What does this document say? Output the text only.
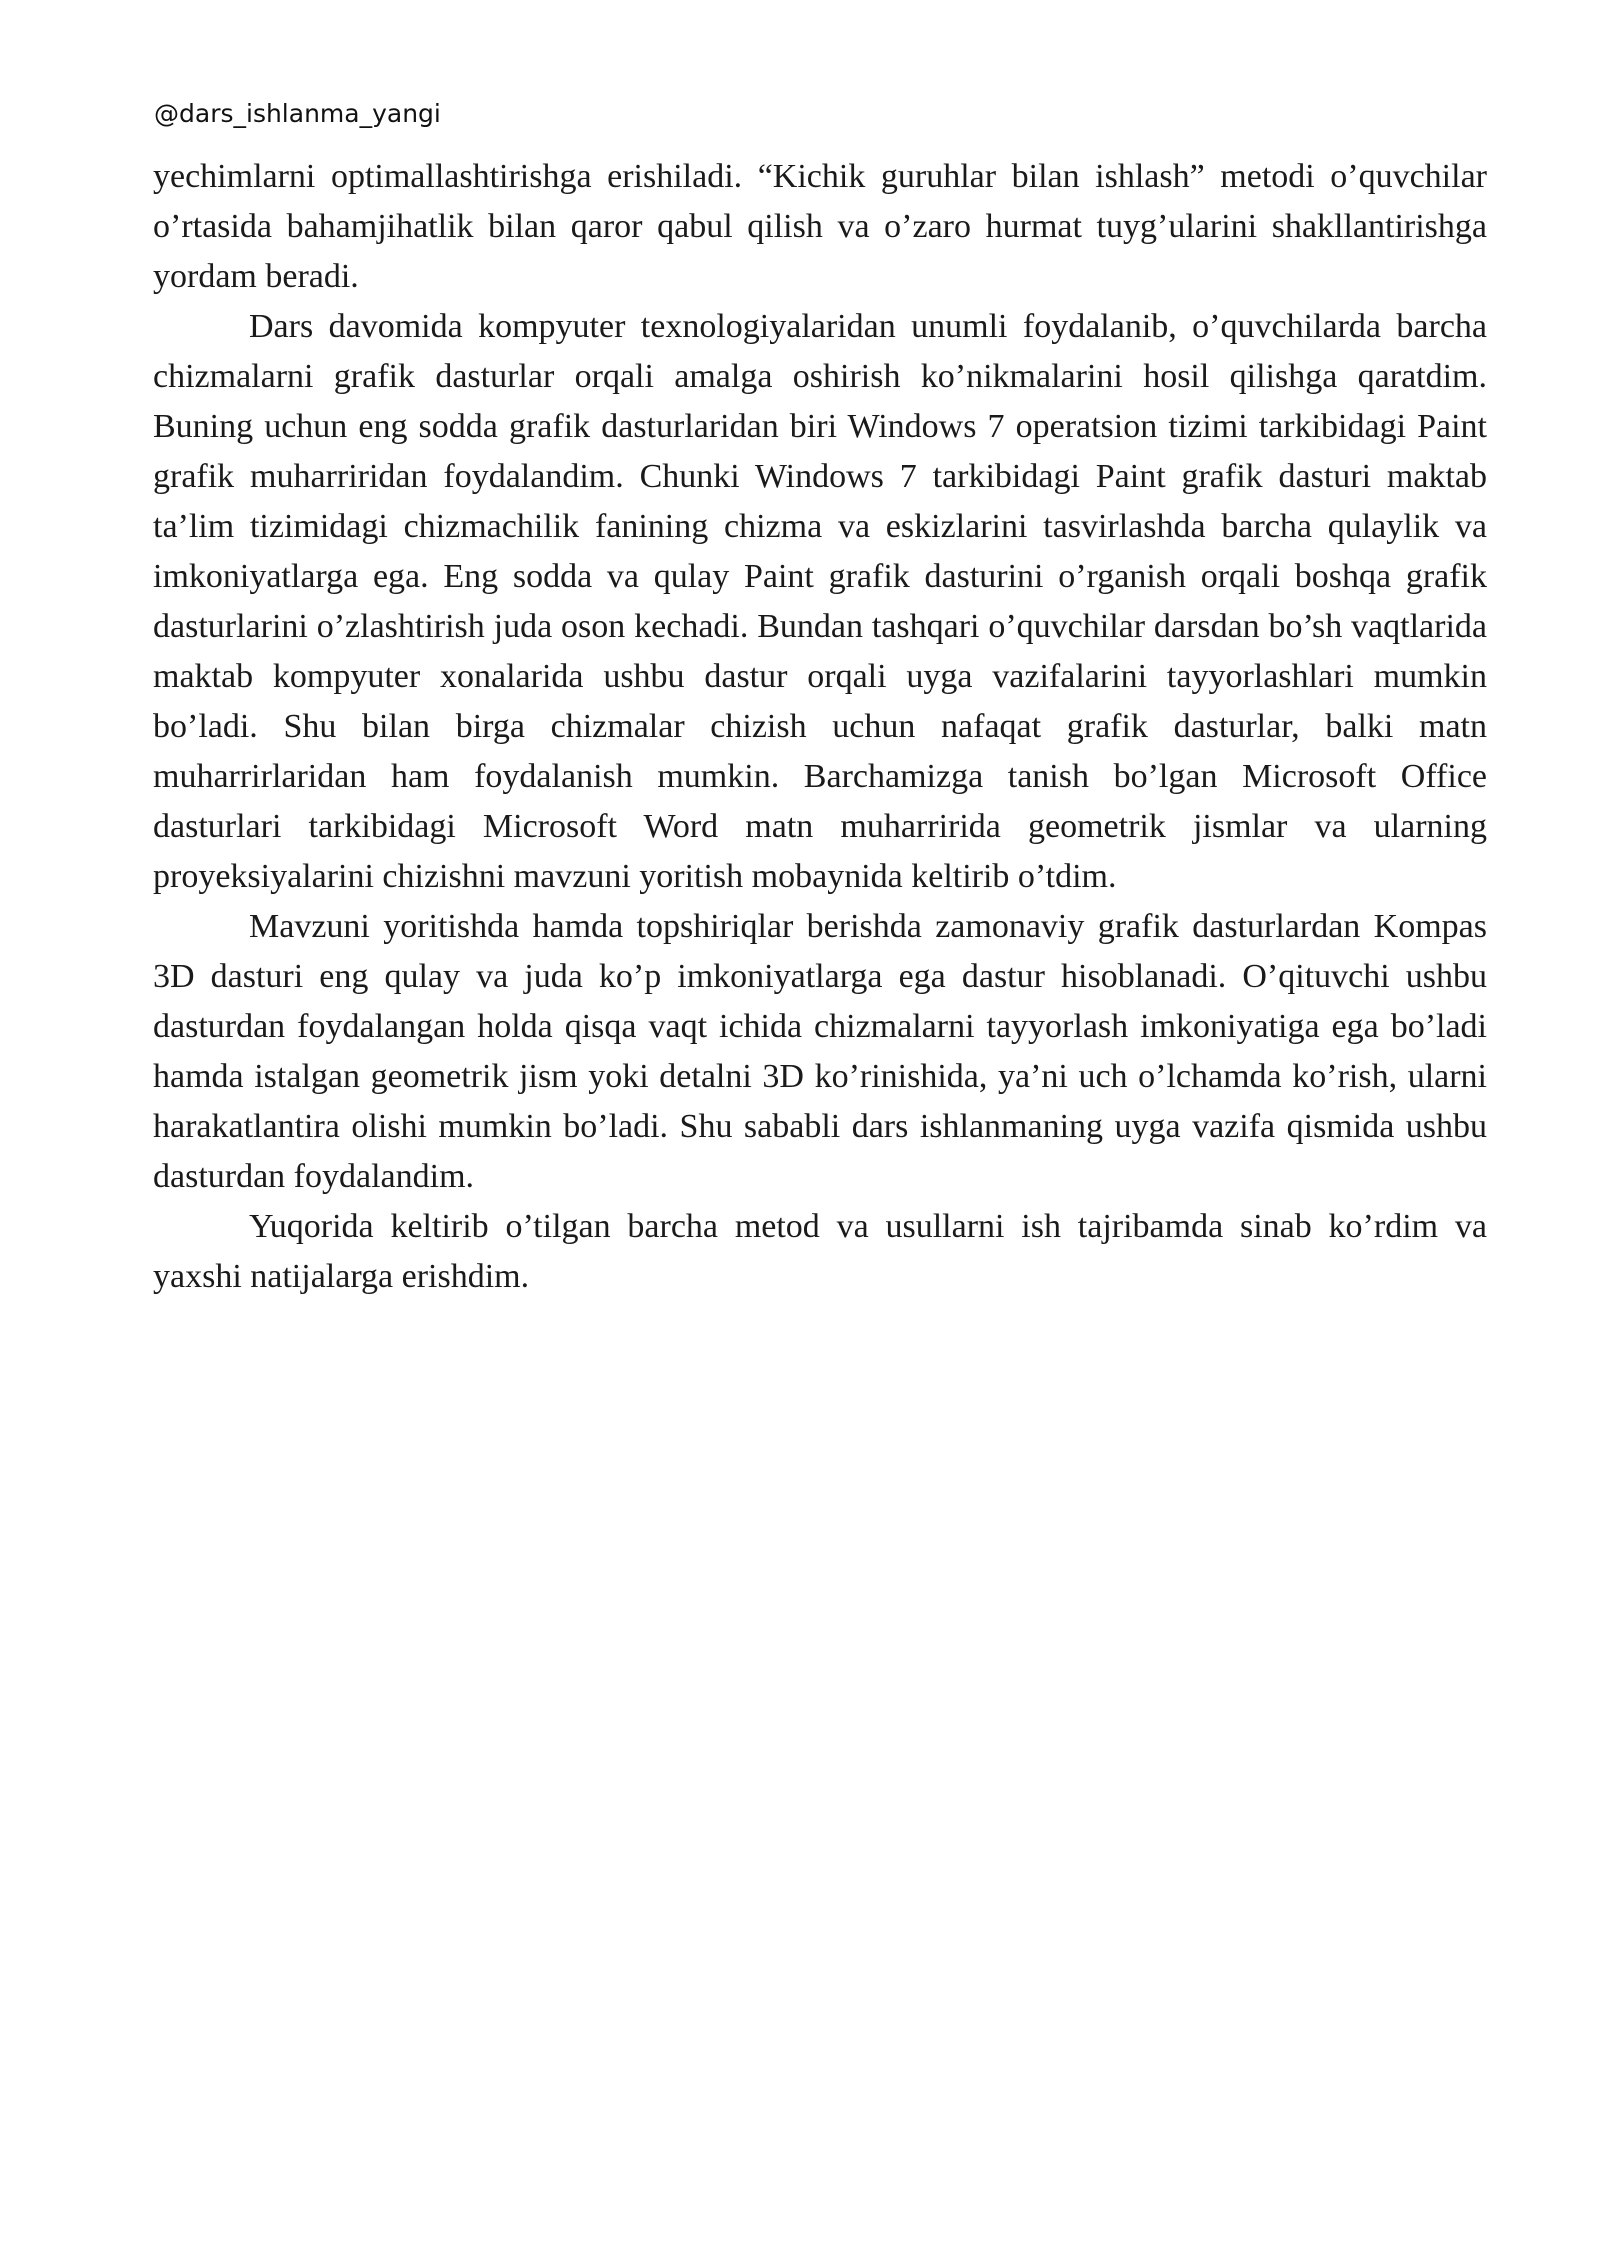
@dars_ishlanma_yangi

yechimlarni optimallashtirishga erishiladi. “Kichik guruhlar bilan ishlash” metodi o’quvchilar o’rtasida bahamjihatlik bilan qaror qabul qilish va o’zaro hurmat tuyg’ularini shakllantirishga yordam beradi.

Dars davomida kompyuter texnologiyalaridan unumli foydalanib, o’quvchilarda barcha chizmalarni grafik dasturlar orqali amalga oshirish ko’nikmalarini hosil qilishga qaratdim. Buning uchun eng sodda grafik dasturlaridan biri Windows 7 operatsion tizimi tarkibidagi Paint grafik muharriridan foydalandim. Chunki Windows 7 tarkibidagi Paint grafik dasturi maktab ta’lim tizimidagi chizmachilik fanining chizma va eskizlarini tasvirlashda barcha qulaylik va imkoniyatlarga ega. Eng sodda va qulay Paint grafik dasturini o’rganish orqali boshqa grafik dasturlarini o’zlashtirish juda oson kechadi. Bundan tashqari o’quvchilar darsdan bo’sh vaqtlarida maktab kompyuter xonalarida ushbu dastur orqali uyga vazifalarini tayyorlashlari mumkin bo’ladi. Shu bilan birga chizmalar chizish uchun nafaqat grafik dasturlar, balki matn muharrirlaridan ham foydalanish mumkin. Barchamizga tanish bo’lgan Microsoft Office dasturlari tarkibidagi Microsoft Word matn muharririda geometrik jismlar va ularning proyeksiyalarini chizishni mavzuni yoritish mobaynida keltirib o’tdim.

Mavzuni yoritishda hamda topshiriqlar berishda zamonaviy grafik dasturlardan Kompas 3D dasturi eng qulay va juda ko’p imkoniyatlarga ega dastur hisoblanadi. O’qituvchi ushbu dasturdan foydalangan holda qisqa vaqt ichida chizmalarni tayyorlash imkoniyatiga ega bo’ladi hamda istalgan geometrik jism yoki detalni 3D ko’rinishida, ya’ni uch o’lchamda ko’rish, ularni harakatlantira olishi mumkin bo’ladi. Shu sababli dars ishlanmaning uyga vazifa qismida ushbu dasturdan foydalandim.

Yuqorida keltirib o’tilgan barcha metod va usullarni ish tajribamda sinab ko’rdim va yaxshi natijalarga erishdim.
